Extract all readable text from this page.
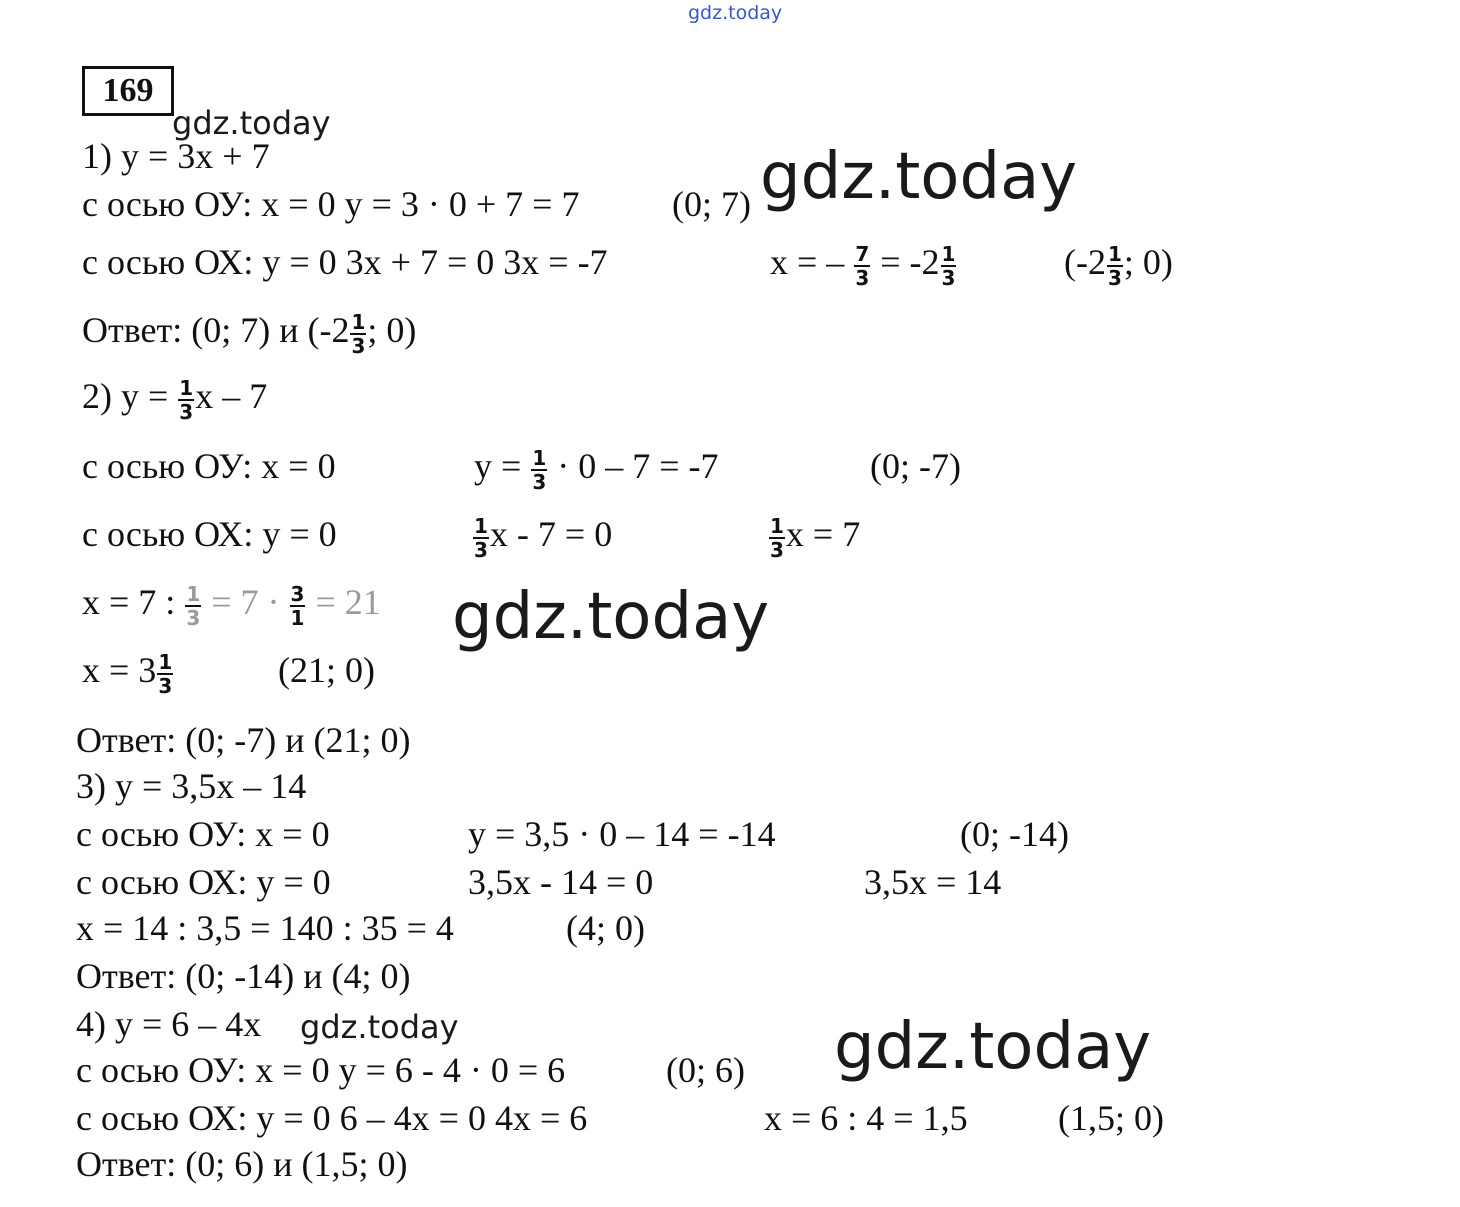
gdz.today
gdz.today
gdz.today
gdz.today
gdz.today	gdz.today
169
1) y = 3x + 7
с осью ОУ: x = 0 y = 3 · 0 + 7 = 7	(0; 7)
с осью ОХ: y = 0 3x + 7 = 0 3x = -7	x = – $\frac{7}{3} = -2 \frac{1}{3}$	($-2 \frac{1}{3}$ ; 0)
Ответ: (0; 7) и ($-2 \frac{1}{3}$ ; 0)
2) $y = \frac{1}{3}$ x – 7
с осью ОУ: x = 0	$y = \frac{1}{3} \cdot 0 - 7 = -7$	(0; -7)
с осью ОХ: y = 0	$\frac{1}{3}$ x - 7 = 0	$\frac{1}{3}$ x = 7
x = 7 : $\frac{1}{3} = 7 \cdot \frac{3}{1} = 21$
$x = 3 \frac{1}{3}$	(21; 0)
Ответ: (0; -7) и (21; 0)
3) y = 3,5x – 14
с осью ОУ: x = 0	y = 3,5 · 0 – 14 = -14	(0; -14)
с осью ОХ: y = 0	3,5x - 14 = 0	3,5x = 14
x = 14 : 3,5 = 140 : 35 = 4	(4; 0)
Ответ: (0; -14) и (4; 0)
4) y = 6 – 4x
с осью ОУ: x = 0 y = 6 - 4 · 0 = 6	(0; 6)
с осью ОХ: y = 0 6 – 4x = 0 4x = 6	x = 6 : 4 = 1,5	(1,5; 0)
Ответ: (0; 6) и (1,5; 0)
